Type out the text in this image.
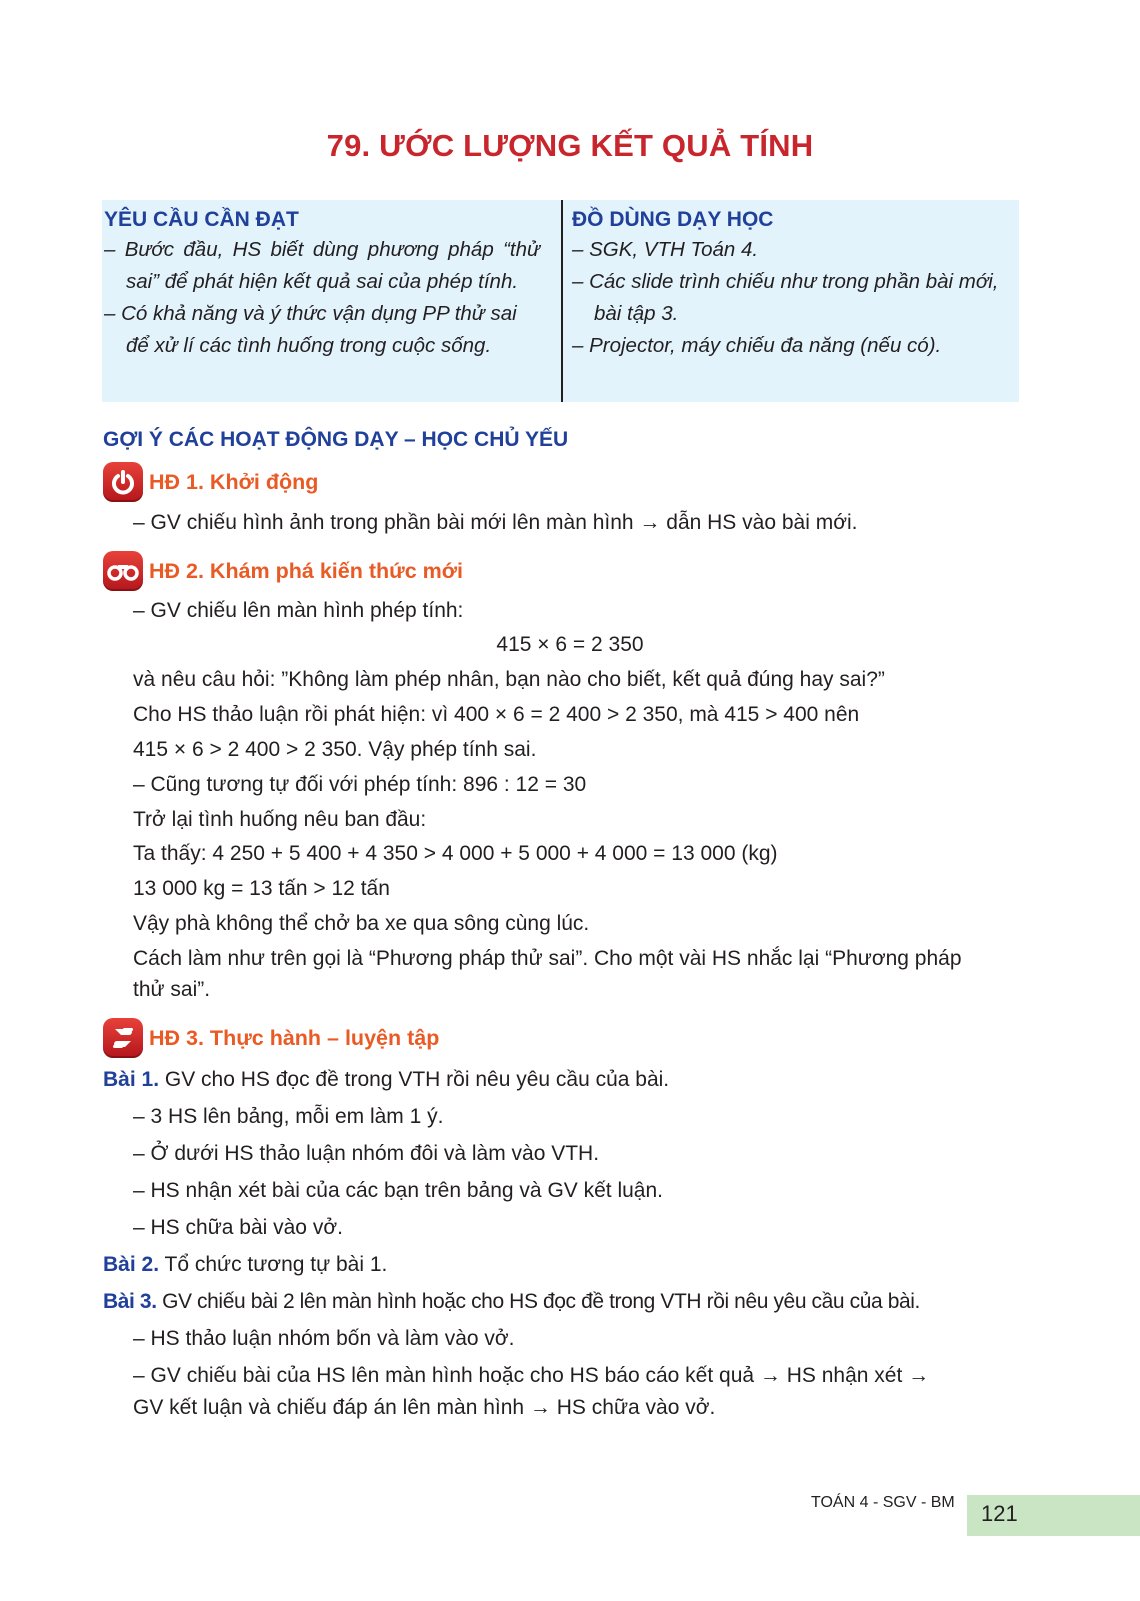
79. ƯỚC LƯỢNG KẾT QUẢ TÍNH
YÊU CẦU CẦN ĐẠT
– Bước đầu, HS biết dùng phương pháp “thử sai” để phát hiện kết quả sai của phép tính.
– Có khả năng và ý thức vận dụng PP thử sai để xử lí các tình huống trong cuộc sống.
ĐỒ DÙNG DẠY HỌC
– SGK, VTH Toán 4.
– Các slide trình chiếu như trong phần bài mới, bài tập 3.
– Projector, máy chiếu đa năng (nếu có).
GỢI Ý CÁC HOẠT ĐỘNG DẠY – HỌC CHỦ YẾU
HĐ 1. Khởi động
– GV chiếu hình ảnh trong phần bài mới lên màn hình → dẫn HS vào bài mới.
HĐ 2. Khám phá kiến thức mới
– GV chiếu lên màn hình phép tính:
415 × 6 = 2 350
và nêu câu hỏi: ”Không làm phép nhân, bạn nào cho biết, kết quả đúng hay sai?”
Cho HS thảo luận rồi phát hiện: vì 400 × 6 = 2 400 > 2 350, mà 415 > 400 nên
415 × 6 > 2 400 > 2 350. Vậy phép tính sai.
– Cũng tương tự đối với phép tính: 896 : 12 = 30
Trở lại tình huống nêu ban đầu:
Ta thấy: 4 250 + 5 400 + 4 350 > 4 000 + 5 000 + 4 000 = 13 000 (kg)
13 000 kg = 13 tấn > 12 tấn
Vậy phà không thể chở ba xe qua sông cùng lúc.
Cách làm như trên gọi là “Phương pháp thử sai”. Cho một vài HS nhắc lại “Phương pháp
thử sai”.
HĐ 3. Thực hành – luyện tập
Bài 1. GV cho HS đọc đề trong VTH rồi nêu yêu cầu của bài.
– 3 HS lên bảng, mỗi em làm 1 ý.
– Ở dưới HS thảo luận nhóm đôi và làm vào VTH.
– HS nhận xét bài của các bạn trên bảng và GV kết luận.
– HS chữa bài vào vở.
Bài 2. Tổ chức tương tự bài 1.
Bài 3. GV chiếu bài 2 lên màn hình hoặc cho HS đọc đề trong VTH rồi nêu yêu cầu của bài.
– HS thảo luận nhóm bốn và làm vào vở.
– GV chiếu bài của HS lên màn hình hoặc cho HS báo cáo kết quả → HS nhận xét →
GV kết luận và chiếu đáp án lên màn hình → HS chữa vào vở.
TOÁN 4 - SGV - BM 121
